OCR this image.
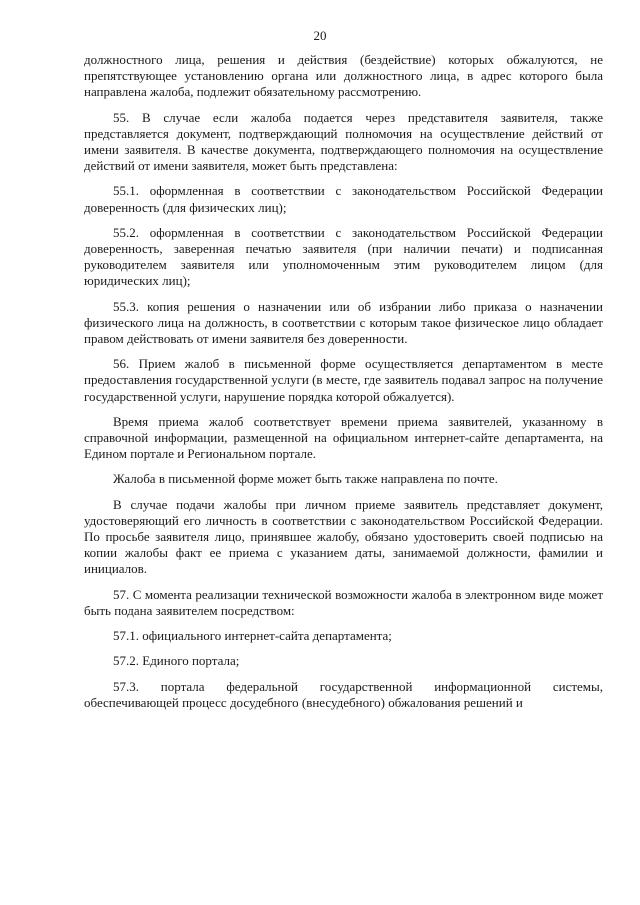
20

должностного лица, решения и действия (бездействие) которых обжалуются, не препятствующее установлению органа или должностного лица, в адрес которого была направлена жалоба, подлежит обязательному рассмотрению.

55. В случае если жалоба подается через представителя заявителя, также представляется документ, подтверждающий полномочия на осуществление действий от имени заявителя. В качестве документа, подтверждающего полномочия на осуществление действий от имени заявителя, может быть представлена:

55.1. оформленная в соответствии с законодательством Российской Федерации доверенность (для физических лиц);

55.2. оформленная в соответствии с законодательством Российской Федерации доверенность, заверенная печатью заявителя (при наличии печати) и подписанная руководителем заявителя или уполномоченным этим руководителем лицом (для юридических лиц);

55.3. копия решения о назначении или об избрании либо приказа о назначении физического лица на должность, в соответствии с которым такое физическое лицо обладает правом действовать от имени заявителя без доверенности.

56. Прием жалоб в письменной форме осуществляется департаментом в месте предоставления государственной услуги (в месте, где заявитель подавал запрос на получение государственной услуги, нарушение порядка которой обжалуется).

Время приема жалоб соответствует времени приема заявителей, указанному в справочной информации, размещенной на официальном интернет-сайте департамента, на Едином портале и Региональном портале.

Жалоба в письменной форме может быть также направлена по почте.

В случае подачи жалобы при личном приеме заявитель представляет документ, удостоверяющий его личность в соответствии с законодательством Российской Федерации. По просьбе заявителя лицо, принявшее жалобу, обязано удостоверить своей подписью на копии жалобы факт ее приема с указанием даты, занимаемой должности, фамилии и инициалов.

57. С момента реализации технической возможности жалоба в электронном виде может быть подана заявителем посредством:

57.1. официального интернет-сайта департамента;

57.2. Единого портала;

57.3. портала федеральной государственной информационной системы, обеспечивающей процесс досудебного (внесудебного) обжалования решений и
